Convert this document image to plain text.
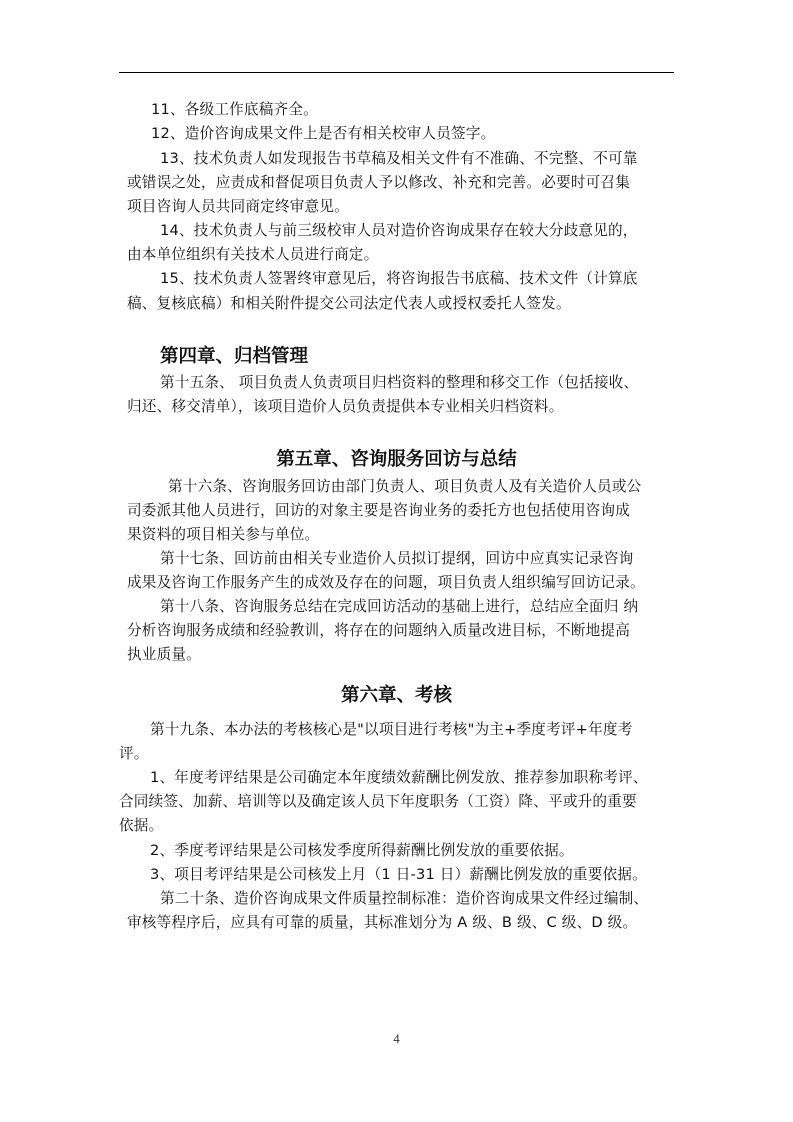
第四章、归档管理
第五章、咨询服务回访与总结
第六章、考核
11、各级工作底稿齐全。
12、造价咨询成果文件上是否有相关校审人员签字。
13、技术负责人如发现报告书草稿及相关文件有不准确、不完整、不可靠
或错误之处，应责成和督促项目负责人予以修改、补充和完善。必要时可召集
项目咨询人员共同商定终审意见。
14、技术负责人与前三级校审人员对造价咨询成果存在较大分歧意见的，
由本单位组织有关技术人员进行商定。
15、技术负责人签署终审意见后，将咨询报告书底稿、技术文件（计算底
稿、复核底稿）和相关附件提交公司法定代表人或授权委托人签发。
第十五条、 项目负责人负责项目归档资料的整理和移交工作（包括接收、
归还、移交清单），该项目造价人员负责提供本专业相关归档资料。
第十六条、咨询服务回访由部门负责人、项目负责人及有关造价人员或公
司委派其他人员进行，回访的对象主要是咨询业务的委托方也包括使用咨询成
果资料的项目相关参与单位。
第十七条、回访前由相关专业造价人员拟订提纲，回访中应真实记录咨询
成果及咨询工作服务产生的成效及存在的问题，项目负责人组织编写回访记录。
第十八条、咨询服务总结在完成回访活动的基础上进行，总结应全面归 纳
分析咨询服务成绩和经验教训，将存在的问题纳入质量改进目标，不断地提高
执业质量。
第十九条、本办法的考核核心是"以项目进行考核"为主+季度考评+年度考
评。
1、年度考评结果是公司确定本年度绩效薪酬比例发放、推荐参加职称考评、
合同续签、加薪、培训等以及确定该人员下年度职务（工资）降、平或升的重要
依据。
2、季度考评结果是公司核发季度所得薪酬比例发放的重要依据。
3、项目考评结果是公司核发上月（1 日-31 日）薪酬比例发放的重要依据。
第二十条、造价咨询成果文件质量控制标准：造价咨询成果文件经过编制、
审核等程序后，应具有可靠的质量，其标准划分为 A 级、B 级、C 级、D 级。
4
